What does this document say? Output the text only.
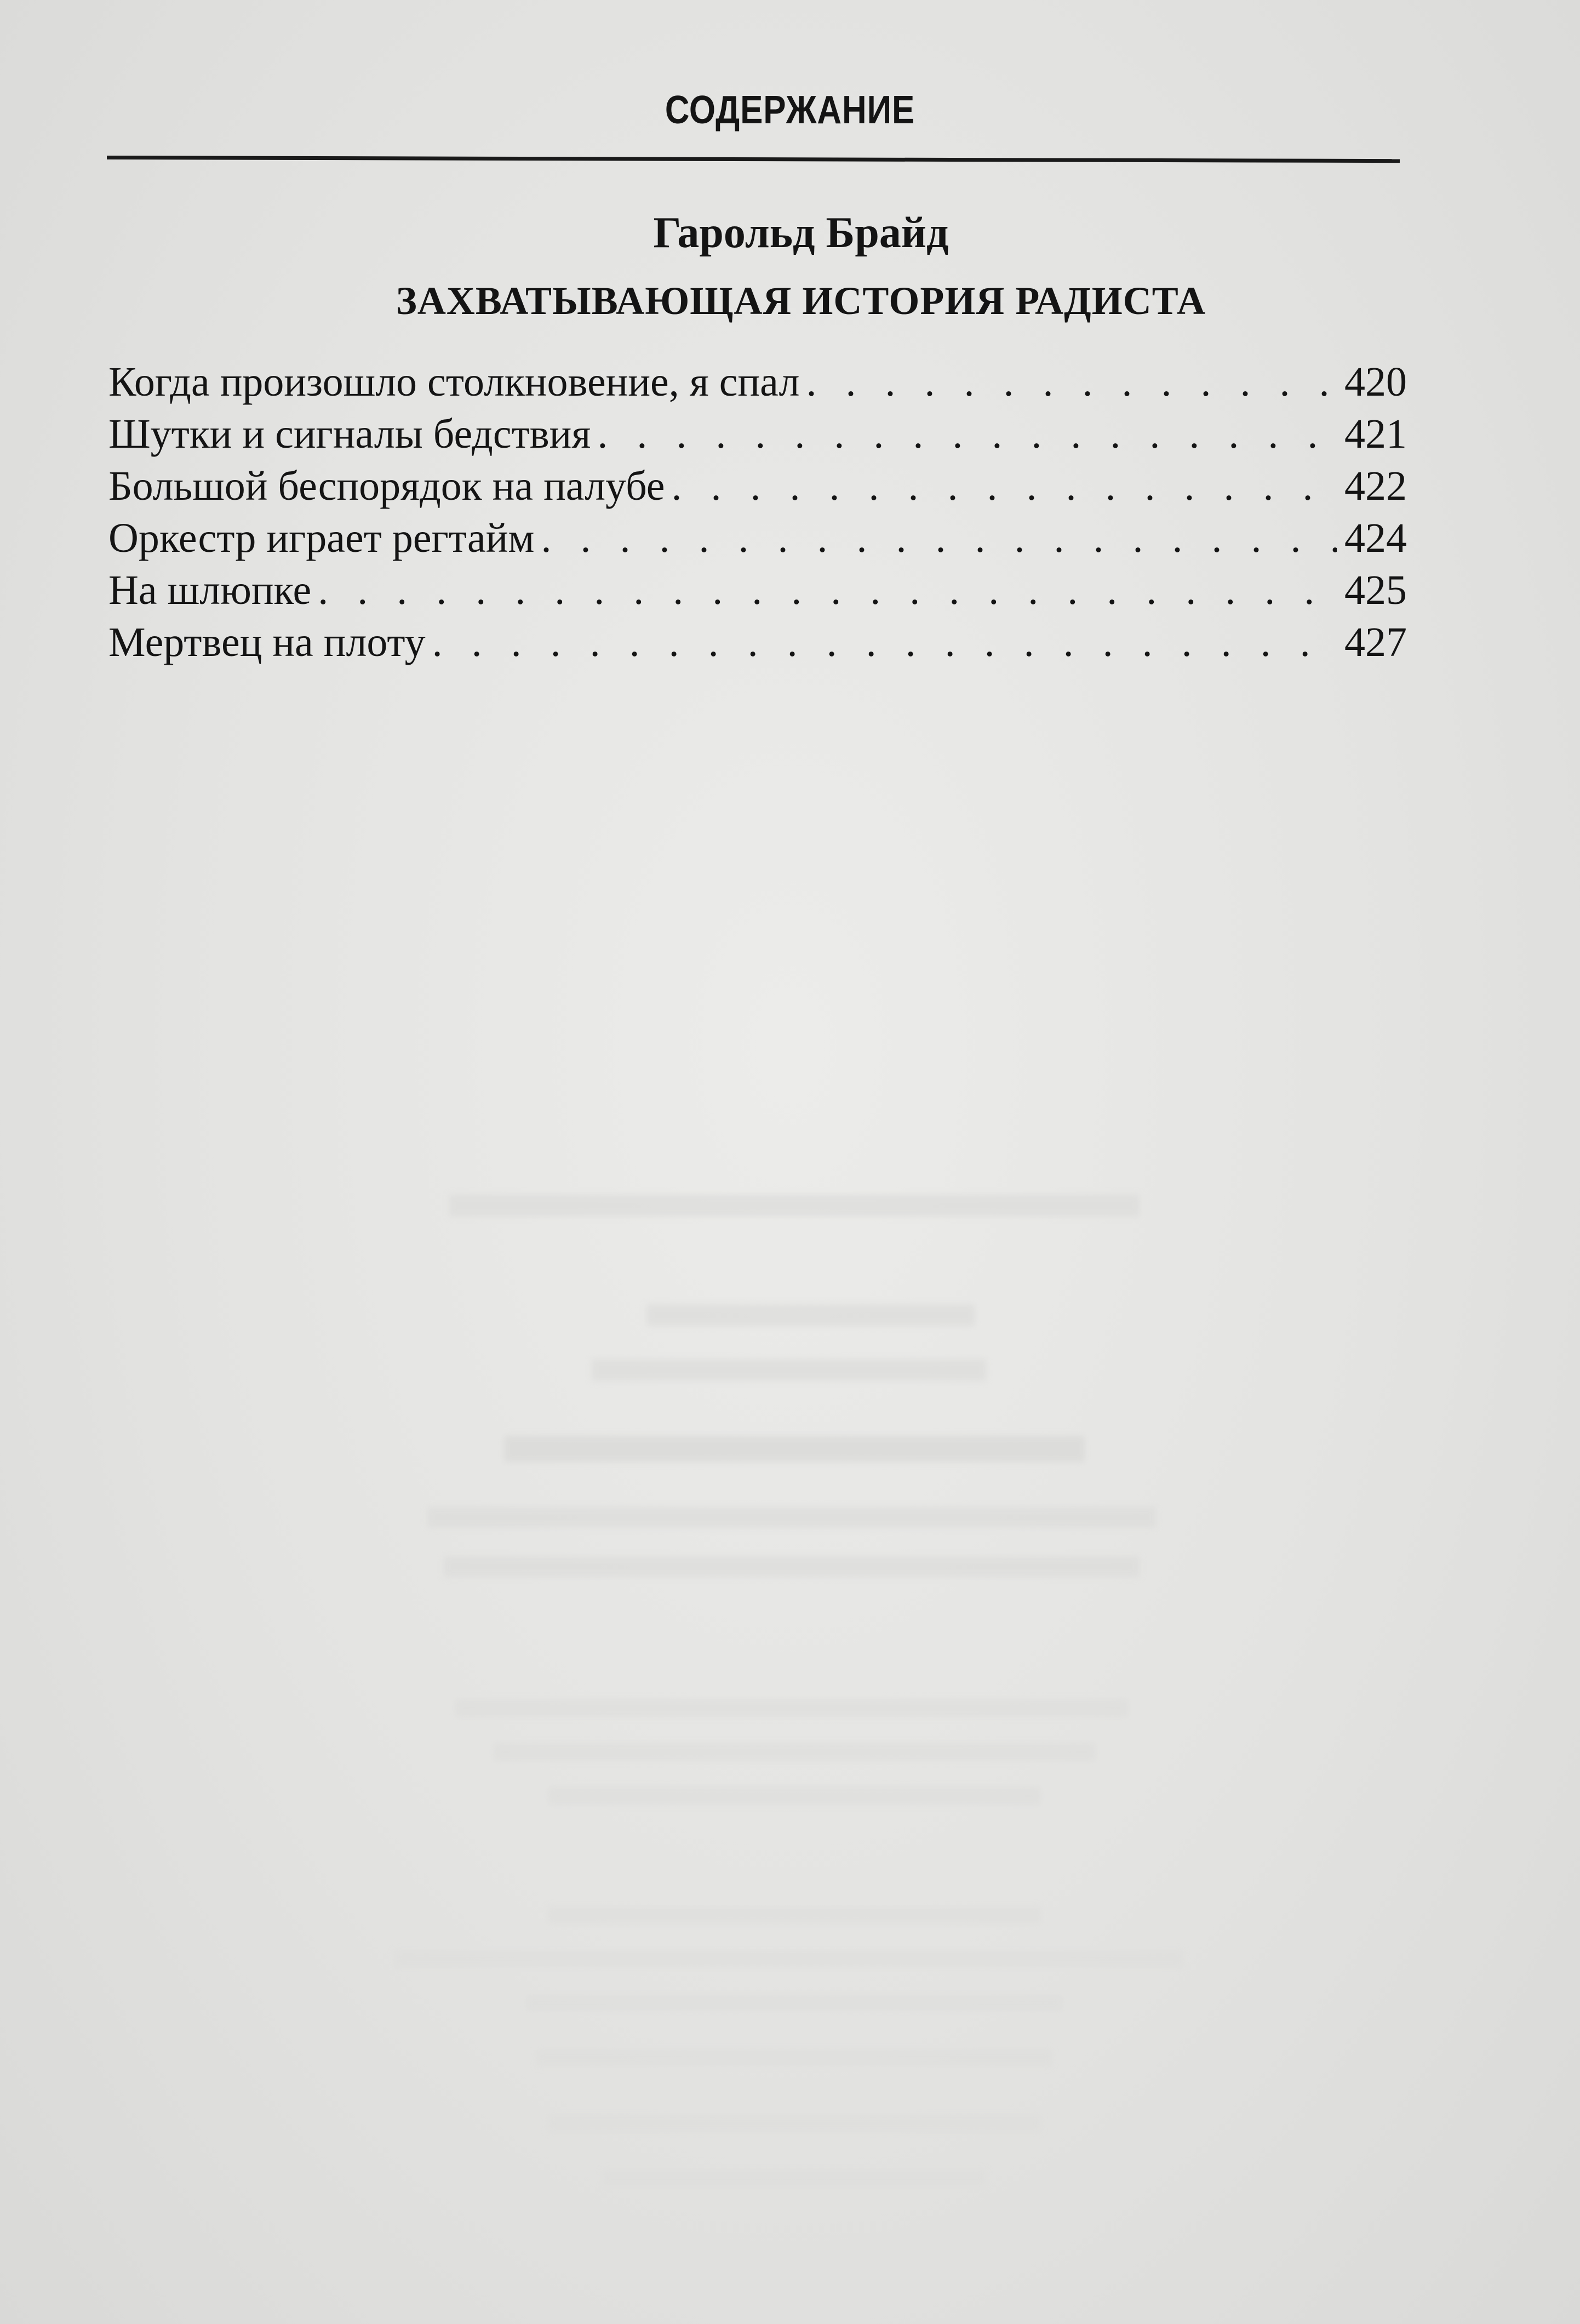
СОДЕРЖАНИЕ
Гарольд Брайд
ЗАХВАТЫВАЮЩАЯ ИСТОРИЯ РАДИСТА
Когда произошло столкновение, я спал . . .	420
Шутки и сигналы бедствия . . .	421
Большой беспорядок на палубе . . .	422
Оркестр играет регтайм . . .	424
На шлюпке . . .	425
Мертвец на плоту . . .	427
